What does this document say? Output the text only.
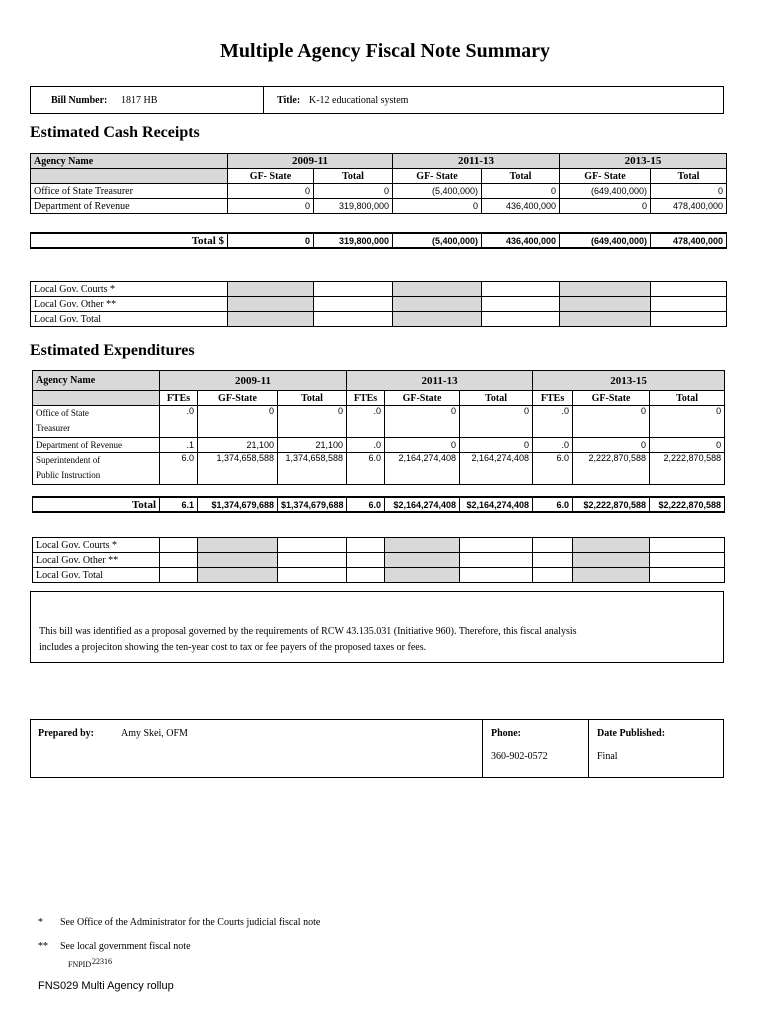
Multiple Agency Fiscal Note Summary
Bill Number: 1817 HB	Title: K-12 educational system
Estimated Cash Receipts
Agency Name	2009-11		2011-13		2013-15	
	GF- State	Total	GF- State	Total	GF- State	Total
Office of State Treasurer	0	0	(5,400,000)	0	(649,400,000)	0
Department of Revenue	0	319,800,000	0	436,400,000	0	478,400,000
Total $	0	319,800,000	(5,400,000)	436,400,000	(649,400,000)	478,400,000
Local Gov. Courts *						
Local Gov. Other **						
Local Gov. Total						
Estimated Expenditures
Agency Name	2009-11			2011-13			2013-15		
	FTEs	GF-State	Total	FTEs	GF-State	Total	FTEs	GF-State	Total
Office of State
Treasurer	.0	0	0	.0	0	0	.0	0	0
Department of Revenue	.1	21,100	21,100	.0	0	0	.0	0	0
Superintendent of
Public Instruction	6.0	1,374,658,588	1,374,658,588	6.0	2,164,274,408	2,164,274,408	6.0	2,222,870,588	2,222,870,588
Total	6.1	$1,374,679,688	$1,374,679,688	6.0	$2,164,274,408	$2,164,274,408	6.0	$2,222,870,588	$2,222,870,588
Local Gov. Courts *									
Local Gov. Other **									
Local Gov. Total									
This bill was identified as a proposal governed by the requirements of RCW 43.135.031 (Initiative 960). Therefore, this fiscal analysis
includes a projeciton showing the ten-year cost to tax or fee payers of the proposed taxes or fees.
Prepared by:	Amy Skei, OFM	Phone:
360-902-0572
Date Published:
Final
* See Office of the Administrator for the Courts judicial fiscal note
** See local government fiscal note
FNPID 22316
FNS029 Multi Agency rollup
